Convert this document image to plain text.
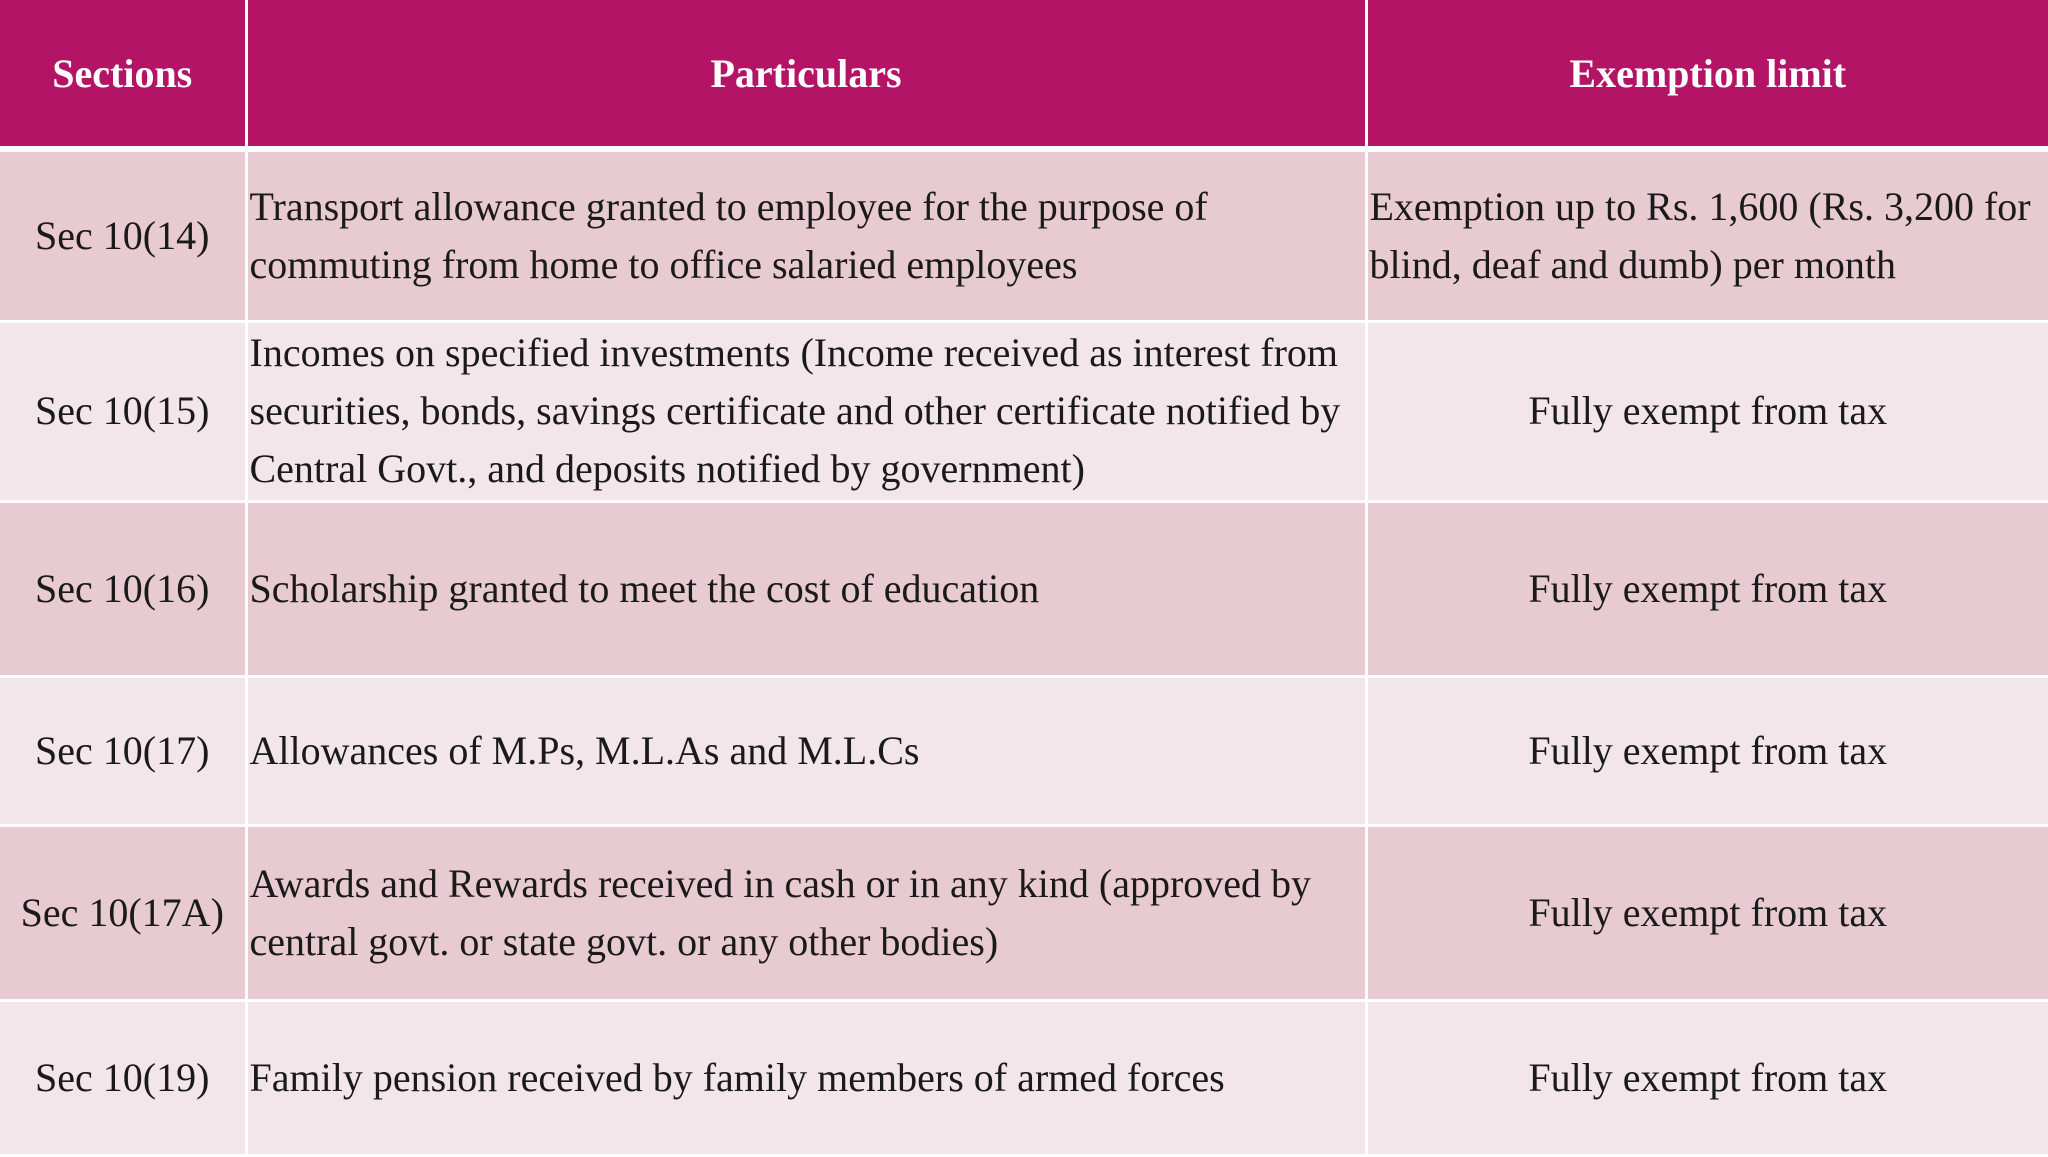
Sections	Particulars	Exemption limit
Sec 10(14)	Transport allowance granted to employee for the purpose of commuting from home to office salaried employees	Exemption up to Rs. 1,600 (Rs. 3,200 for blind, deaf and dumb) per month
Sec 10(15)	Incomes on specified investments (Income received as interest from securities, bonds, savings certificate and other certificate notified by Central Govt., and deposits notified by government)	Fully exempt from tax
Sec 10(16)	Scholarship granted to meet the cost of education	Fully exempt from tax
Sec 10(17)	Allowances of M.Ps, M.L.As and M.L.Cs	Fully exempt from tax
Sec 10(17A)	Awards and Rewards received in cash or in any kind (approved by central govt. or state govt. or any other bodies)	Fully exempt from tax
Sec 10(19)	Family pension received by family members of armed forces	Fully exempt from tax
